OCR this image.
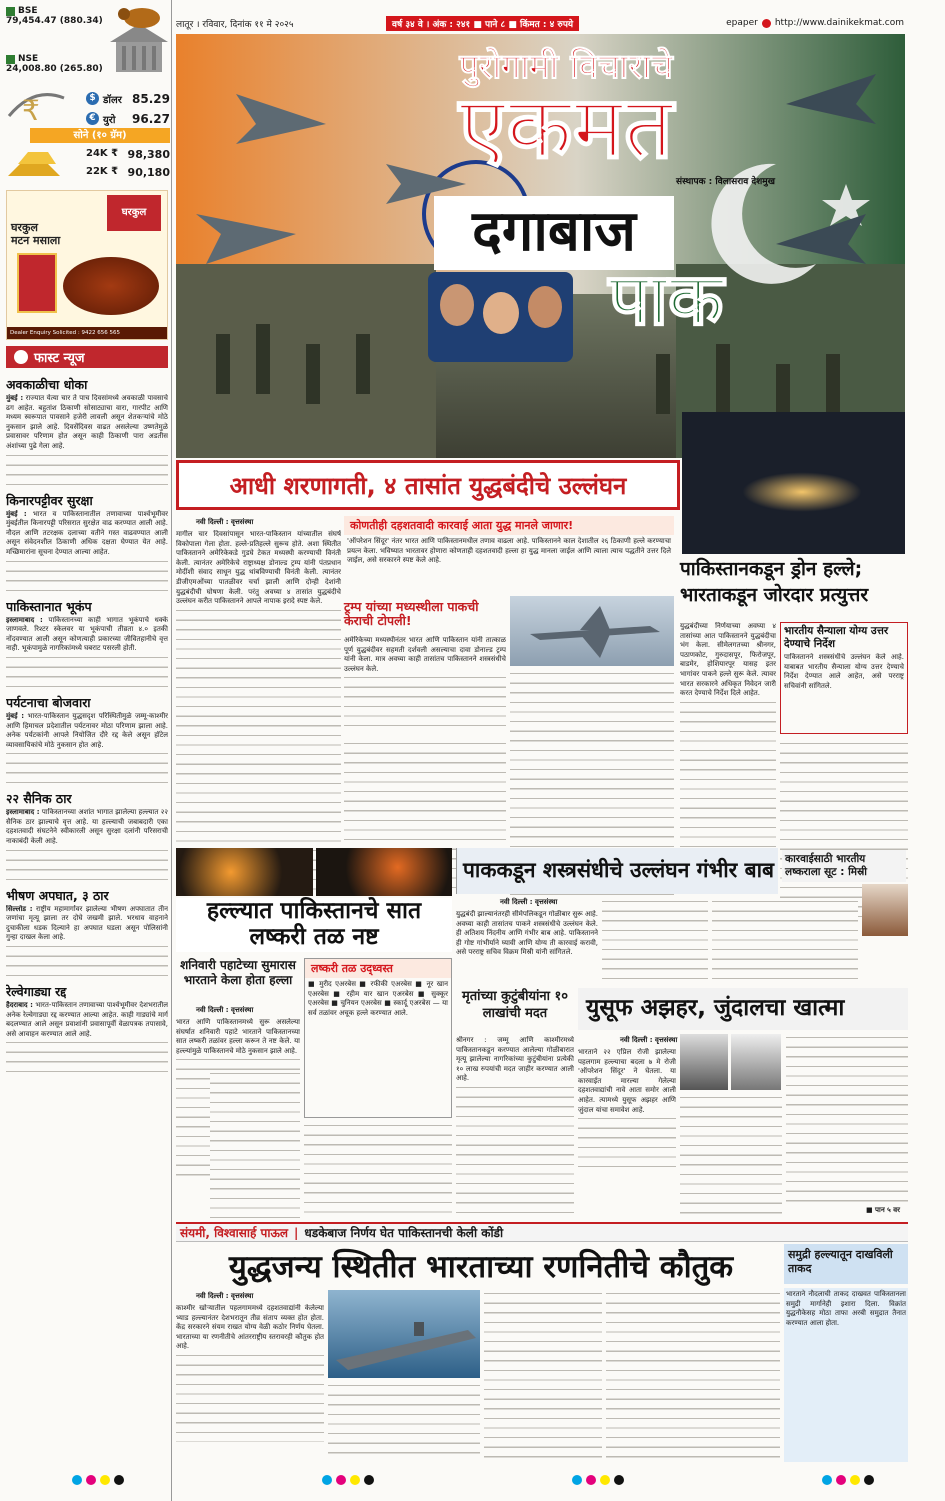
BSE
79,454.47 (880.34)
NSE
24,008.80 (265.80)
₹	$ डॉलर 85.29
€ युरो 96.27
सोने (१० ग्रॅम)
24K ₹ 98,380
22K ₹ 90,180
घरकुल
मटन मसाला
घरकुल
Dealer Enquiry Solicited : 9422 656 565
फास्ट न्यूज
अवकाळीचा धोका
मुंबई : राज्यात येत्या चार ते पाच दिवसांमध्ये अवकाळी पावसाचे ढग आहेत. बहुतांश ठिकाणी सोसाट्याचा वारा, गारपीट आणि मध्यम स्वरूपात पावसाने हजेरी लावली असून शेतकऱ्यांचे मोठे नुकसान झाले आहे. दिवसेंदिवस वाढत असलेल्या उष्णतेमुळे प्रवासावर परिणाम होत असून काही ठिकाणी पारा अडतीस अंशांच्या पुढे गेला आहे.
किनारपट्टीवर सुरक्षा
मुंबई : भारत व पाकिस्तानातील तणावाच्या पार्श्वभूमीवर मुंबईतील किनारपट्टी परिसरात सुरक्षेत वाढ करण्यात आली आहे. नौदल आणि तटरक्षक दलाच्या वतीने गस्त वाढवण्यात आली असून संवेदनशील ठिकाणी अधिक दक्षता घेण्यात येत आहे. मच्छिमारांना सूचना देण्यात आल्या आहेत.
पाकिस्तानात भूकंप
इस्लामाबाद : पाकिस्तानच्या काही भागात भूकंपाचे धक्के जाणवले. रिश्टर स्केलवर या भूकंपाची तीव्रता ४.० इतकी नोंदवण्यात आली असून कोणत्याही प्रकारच्या जीवितहानीचे वृत्त नाही. भूकंपामुळे नागरिकांमध्ये घबराट पसरली होती.
पर्यटनाचा बोजवारा
मुंबई : भारत-पाकिस्तान युद्धसदृश परिस्थितीमुळे जम्मू-काश्मीर आणि हिमाचल प्रदेशातील पर्यटनावर मोठा परिणाम झाला आहे. अनेक पर्यटकांनी आपले नियोजित दौरे रद्द केले असून हॉटेल व्यावसायिकांचे मोठे नुकसान होत आहे.
२२ सैनिक ठार
इस्लामाबाद : पाकिस्तानच्या अशांत भागात झालेल्या हल्ल्यात २२ सैनिक ठार झाल्याचे वृत्त आहे. या हल्ल्याची जबाबदारी एका दहशतवादी संघटनेने स्वीकारली असून सुरक्षा दलांनी परिसराची नाकाबंदी केली आहे.
भीषण अपघात, ३ ठार
सिल्लोड : राष्ट्रीय महामार्गावर झालेल्या भीषण अपघातात तीन जणांचा मृत्यू झाला तर दोघे जखमी झाले. भरधाव वाहनाने दुचाकीला धडक दिल्याने हा अपघात घडला असून पोलिसांनी गुन्हा दाखल केला आहे.
रेल्वेगाड्या रद्द
हैदराबाद : भारत-पाकिस्तान तणावाच्या पार्श्वभूमीवर देशभरातील अनेक रेल्वेगाड्या रद्द करण्यात आल्या आहेत. काही गाड्यांचे मार्ग बदलण्यात आले असून प्रवाशांनी प्रवासापूर्वी वेळापत्रक तपासावे, असे आवाहन करण्यात आले आहे.
लातूर । रविवार, दिनांक ११ मे २०२५	वर्ष ३४ वे । अंक : २४१ ■ पाने ८ ■ किंमत : ४ रुपये	epaper http://www.dainikekmat.com
पुरोगामी विचाराचे
एकमत
संस्थापक : विलासराव देशमुख
दगाबाज
पाक
आधी शरणागती, ४ तासांत युद्धबंदीचे उल्लंघन
नवी दिल्ली : वृत्तसंस्था
मागील चार दिवसांपासून भारत-पाकिस्तान यांच्यातील संघर्ष विकोपाला गेला होता. हल्ले-प्रतिहल्ले सुरूच होते. अशा स्थितीत पाकिस्तानने अमेरिकेकडे गुडघे टेकत मध्यस्थी करण्याची विनंती केली. त्यानंतर अमेरिकेचे राष्ट्राध्यक्ष डोनाल्ड ट्रम्प यांनी पंतप्रधान मोदींशी संवाद साधून युद्ध थांबविण्याची विनंती केली. त्यानंतर डीजीएमओंच्या पातळीवर चर्चा झाली आणि दोन्ही देशांनी युद्धबंदीची घोषणा केली. परंतु अवघ्या ४ तासांत युद्धबंदीचे उल्लंघन करीत पाकिस्तानने आपले नापाक इरादे स्पष्ट केले.
कोणतीही दहशतवादी कारवाई आता युद्ध मानले जाणार!
'ऑपरेशन सिंदूर' नंतर भारत आणि पाकिस्तानमधील तणाव वाढला आहे. पाकिस्तानने काल देशातील २६ ठिकाणी हल्ले करण्याचा प्रयत्न केला. भविष्यात भारतावर होणारा कोणताही दहशतवादी हल्ला हा युद्ध मानला जाईल आणि त्याला त्याच पद्धतीने उत्तर दिले जाईल, असे सरकारने स्पष्ट केले आहे.
ट्रम्प यांच्या मध्यस्थीला पाकची केराची टोपली!
अमेरिकेच्या मध्यस्थीनंतर भारत आणि पाकिस्तान यांनी तात्काळ पूर्ण युद्धबंदीवर सहमती दर्शवली असल्याचा दावा डोनाल्ड ट्रम्प यांनी केला. मात्र अवघ्या काही तासांतच पाकिस्तानने शस्त्रसंधीचे उल्लंघन केले.
पाकिस्तानकडून ड्रोन हल्ले; भारताकडून जोरदार प्रत्युत्तर
युद्धबंदीच्या निर्णयाच्या अवघ्या ४ तासांच्या आत पाकिस्तानने युद्धबंदीचा भंग केला. सीमेलगतच्या श्रीनगर, पठाणकोट, गुरुदासपूर, फिरोजपूर, बाडमेर, होशियारपूर यासह इतर भागांवर पाकने हल्ले सुरू केले. त्यावर भारत सरकारने अधिकृत निवेदन जारी करत देण्याचे निर्देश दिले आहेत.
भारतीय सैन्याला योग्य उत्तर देण्याचे निर्देश
पाकिस्तानने शस्त्रसंधीचे उल्लंघन केले आहे. याबाबत भारतीय सैन्याला योग्य उत्तर देण्याचे निर्देश देण्यात आले आहेत, असे परराष्ट्र सचिवांनी सांगितले.
हल्ल्यात पाकिस्तानचे सात लष्करी तळ नष्ट
पाककडून शस्त्रसंधीचे उल्लंघन गंभीर बाब	कारवाईसाठी भारतीय लष्कराला सूट : मिस्री
नवी दिल्ली : वृत्तसंस्था
युद्धबंदी झाल्यानंतरही सीमेपलिकडून गोळीबार सुरू आहे. अवघ्या काही तासांतच पाकने शस्त्रसंधीचे उल्लंघन केले. ही अतिशय निंदनीय आणि गंभीर बाब आहे. पाकिस्तानने ही गोष्ट गांभीर्याने घ्यावी आणि योग्य ती कारवाई करावी, असे परराष्ट्र सचिव विक्रम मिस्री यांनी सांगितले.
शनिवारी पहाटेच्या सुमारास भारताने केला होता हल्ला
नवी दिल्ली : वृत्तसंस्था
भारत आणि पाकिस्तानमध्ये सुरू असलेल्या संघर्षात शनिवारी पहाटे भारताने पाकिस्तानच्या सात लष्करी तळांवर हल्ला करून ते नष्ट केले. या हल्ल्यांमुळे पाकिस्तानचे मोठे नुकसान झाले आहे.
लष्करी तळ उद्ध्वस्त
■ मुरीद एअरबेस ■ रफीकी एअरबेस ■ नूर खान एअरबेस ■ रहीम यार खान एअरबेस ■ सुक्कूर एअरबेस ■ चुनियन एअरबेस ■ स्कार्दू एअरबेस — या सर्व तळांवर अचूक हल्ले करण्यात आले.
मृतांच्या कुटुंबीयांना १० लाखांची मदत
श्रीनगर : जम्मू आणि काश्मीरमध्ये पाकिस्तानकडून करण्यात आलेल्या गोळीबारात मृत्यू झालेल्या नागरिकांच्या कुटुंबीयांना प्रत्येकी १० लाख रुपयांची मदत जाहीर करण्यात आली आहे.
युसूफ अझहर, जुंदालचा खात्मा
नवी दिल्ली : वृत्तसंस्था
भारताने २२ एप्रिल रोजी झालेल्या पहलगाम हल्ल्याचा बदला ७ मे रोजी 'ऑपरेशन सिंदूर' ने घेतला. या कारवाईत मारल्या गेलेल्या दहशतवाद्यांची नावे आता समोर आली आहेत. त्यामध्ये युसूफ अझहर आणि जुंदाल यांचा समावेश आहे.
■ पान ५ वर
संयमी, विश्वासार्ह पाऊल | धडकेबाज निर्णय घेत पाकिस्तानची केली कोंडी
युद्धजन्य स्थितीत भारताच्या रणनितीचे कौतुक
नवी दिल्ली : वृत्तसंस्था
काश्मीर खोऱ्यातील पहलगाममध्ये दहशतवाद्यांनी केलेल्या भ्याड हल्ल्यानंतर देशभरातून तीव्र संताप व्यक्त होत होता. केंद्र सरकारने संयम राखत योग्य वेळी कठोर निर्णय घेतला. भारताच्या या रणनीतीचे आंतरराष्ट्रीय स्तरावरही कौतुक होत आहे.
समुद्री हल्ल्यातून दाखविली ताकद
भारताने नौदलाची ताकद दाखवत पाकिस्तानला समुद्री मार्गानेही इशारा दिला. विक्रांत युद्धनौकेसह मोठा ताफा अरबी समुद्रात तैनात करण्यात आला होता.
